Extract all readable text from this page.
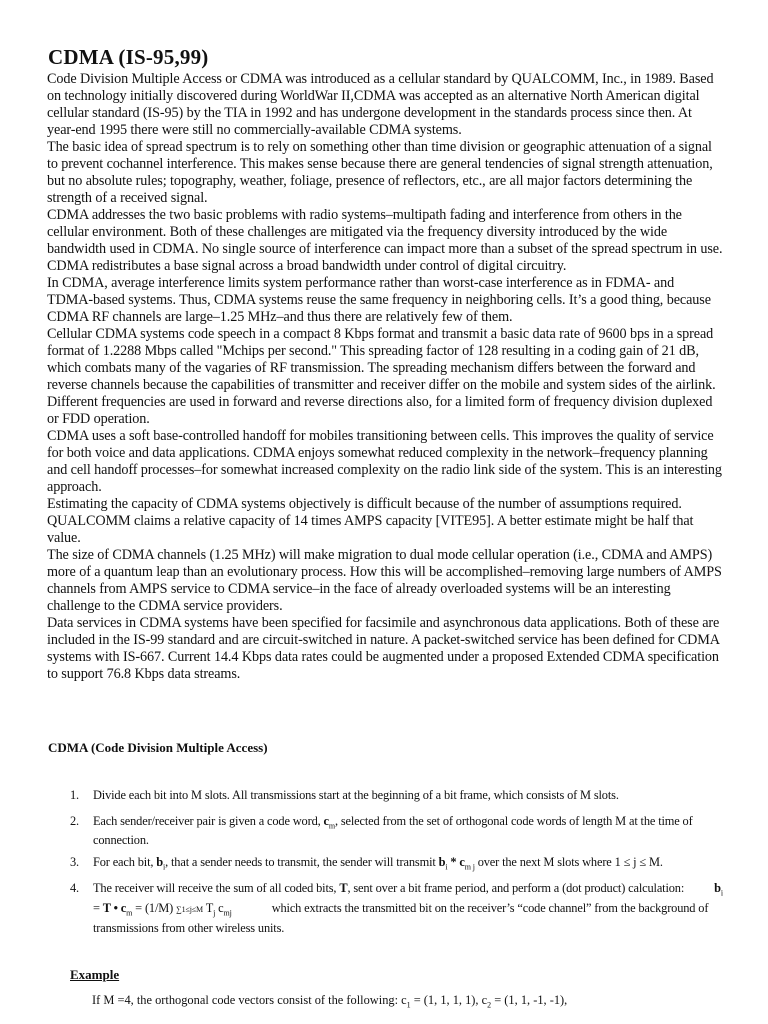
CDMA (IS-95,99)

Code Division Multiple Access or CDMA was introduced as a cellular standard by QUALCOMM, Inc., in 1989. Based on technology initially discovered during WorldWar II,CDMA was accepted as an alternative North American digital cellular standard (IS-95) by the TIA in 1992 and has undergone development in the standards process since then. At year-end 1995 there were still no commercially-available CDMA systems.

The basic idea of spread spectrum is to rely on something other than time division or geographic attenuation of a signal to prevent cochannel interference. This makes sense because there are general tendencies of signal strength attenuation, but no absolute rules; topography, weather, foliage, presence of reflectors, etc., are all major factors determining the strength of a received signal.

CDMA addresses the two basic problems with radio systems–multipath fading and interference from others in the cellular environment. Both of these challenges are mitigated via the frequency diversity introduced by the wide bandwidth used in CDMA. No single source of interference can impact more than a subset of the spread spectrum in use. CDMA redistributes a base signal across a broad bandwidth under control of digital circuitry.

In CDMA, average interference limits system performance rather than worst-case interference as in FDMA- and TDMA-based systems. Thus, CDMA systems reuse the same frequency in neighboring cells. It’s a good thing, because CDMA RF channels are large–1.25 MHz–and thus there are relatively few of them.

Cellular CDMA systems code speech in a compact 8 Kbps format and transmit a basic data rate of 9600 bps in a spread format of 1.2288 Mbps called "Mchips per second." This spreading factor of 128 resulting in a coding gain of 21 dB, which combats many of the vagaries of RF transmission. The spreading mechanism differs between the forward and reverse channels because the capabilities of transmitter and receiver differ on the mobile and system sides of the airlink. Different frequencies are used in forward and reverse directions also, for a limited form of frequency division duplexed or FDD operation.

CDMA uses a soft base-controlled handoff for mobiles transitioning between cells. This improves the quality of service for both voice and data applications. CDMA enjoys somewhat reduced complexity in the network–frequency planning and cell handoff processes–for somewhat increased complexity on the radio link side of the system. This is an interesting approach.

Estimating the capacity of CDMA systems objectively is difficult because of the number of assumptions required. QUALCOMM claims a relative capacity of 14 times AMPS capacity [VITE95]. A better estimate might be half that value.

The size of CDMA channels (1.25 MHz) will make migration to dual mode cellular operation (i.e., CDMA and AMPS) more of a quantum leap than an evolutionary process. How this will be accomplished–removing large numbers of AMPS channels from AMPS service to CDMA service–in the face of already overloaded systems will be an interesting challenge to the CDMA service providers.

Data services in CDMA systems have been specified for facsimile and asynchronous data applications. Both of these are included in the IS-99 standard and are circuit-switched in nature. A packet-switched service has been defined for CDMA systems with IS-667. Current 14.4 Kbps data rates could be augmented under a proposed Extended CDMA specification to support 76.8 Kbps data streams.

CDMA (Code Division Multiple Access)
1. Divide each bit into M slots. All transmissions start at the beginning of a bit frame, which consists of M slots.
2. Each sender/receiver pair is given a code word, $c_m$, selected from the set of orthogonal code words of length M at the time of connection.
3. For each bit, $b_i$, that a sender needs to transmit, the sender will transmit $b_i * c_{m j}$ over the next M slots where 1 ≤ j ≤ M.
4. The receiver will receive the sum of all coded bits, T, sent over a bit frame period, and perform a (dot product) calculation: $b_i = T$ • $c_m = (1/M)$ ∑1≤j≤M $T_j$ $c_{mj}$	which extracts the transmitted bit on the receiver’s “code channel” from the background of transmissions from other wireless units.
Example

If M =4, the orthogonal code vectors consist of the following: $c_1 = (1$, 1, 1, 1), $c_2 = (1$, 1, -1, -1),
